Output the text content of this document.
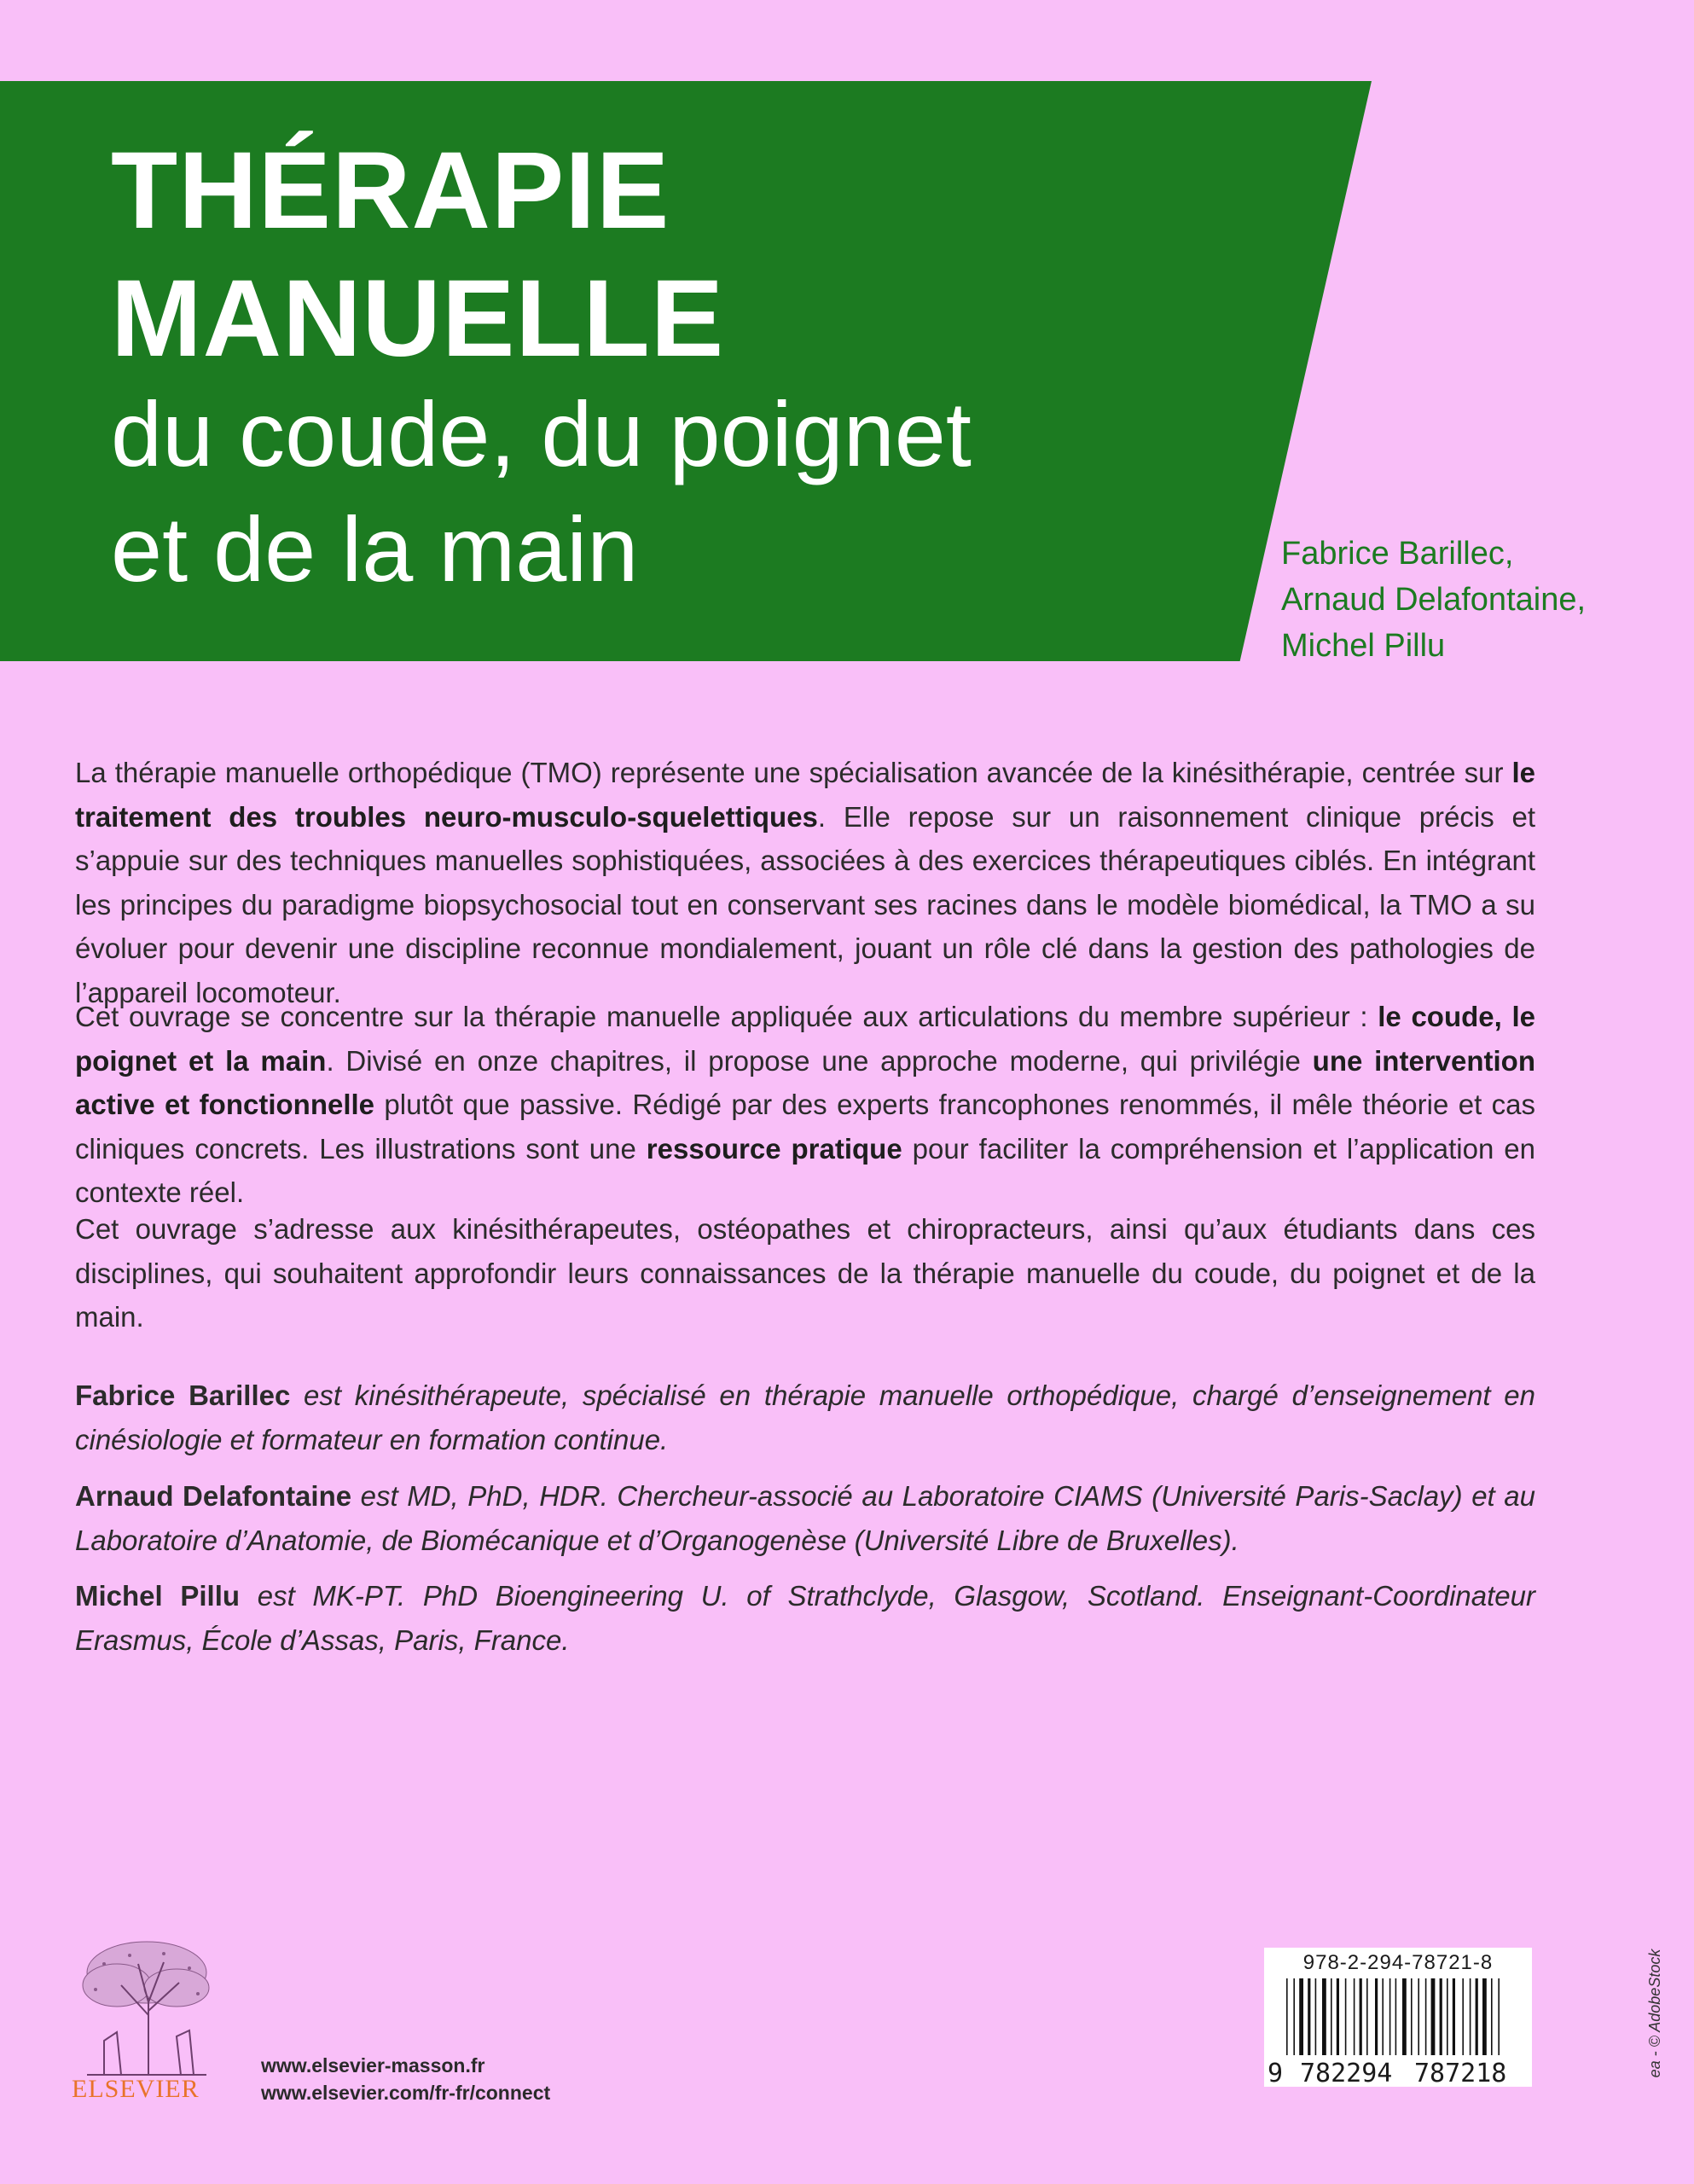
THÉRAPIE
MANUELLE
du coude, du poignet
et de la main	Fabrice Barillec,
Arnaud Delafontaine,
Michel Pillu

La thérapie manuelle orthopédique (TMO) représente une spécialisation avancée de la kinésithérapie, centrée sur le traitement des troubles neuro-musculo-squelettiques. Elle repose sur un raisonnement clinique précis et s’appuie sur des techniques manuelles sophistiquées, associées à des exercices thérapeutiques ciblés. En intégrant les principes du paradigme biopsychosocial tout en conservant ses racines dans le modèle biomédical, la TMO a su évoluer pour devenir une discipline reconnue mondialement, jouant un rôle clé dans la gestion des pathologies de l’appareil locomoteur.

Cet ouvrage se concentre sur la thérapie manuelle appliquée aux articulations du membre supérieur : le coude, le poignet et la main. Divisé en onze chapitres, il propose une approche moderne, qui privilégie une intervention active et fonctionnelle plutôt que passive. Rédigé par des experts francophones renommés, il mêle théorie et cas cliniques concrets. Les illustrations sont une ressource pratique pour faciliter la compréhension et l’application en contexte réel.

Cet ouvrage s’adresse aux kinésithérapeutes, ostéopathes et chiropracteurs, ainsi qu’aux étudiants dans ces disciplines, qui souhaitent approfondir leurs connaissances de la thérapie manuelle du coude, du poignet et de la main.

Fabrice Barillec est kinésithérapeute, spécialisé en thérapie manuelle orthopédique, chargé d’enseignement en cinésiologie et formateur en formation continue.
Arnaud Delafontaine est MD, PhD, HDR. Chercheur-associé au Laboratoire CIAMS (Université Paris-Saclay) et au Laboratoire d’Anatomie, de Biomécanique et d’Organogenèse (Université Libre de Bruxelles).
Michel Pillu est MK-PT. PhD Bioengineering U. of Strathclyde, Glasgow, Scotland. Enseignant-Coordinateur Erasmus, École d’Assas, Paris, France.
ELSEVIER
www.elsevier-masson.fr
www.elsevier.com/fr-fr/connect
978-2-294-78721-8
9 782294 787218	ea - © AdobeStock
